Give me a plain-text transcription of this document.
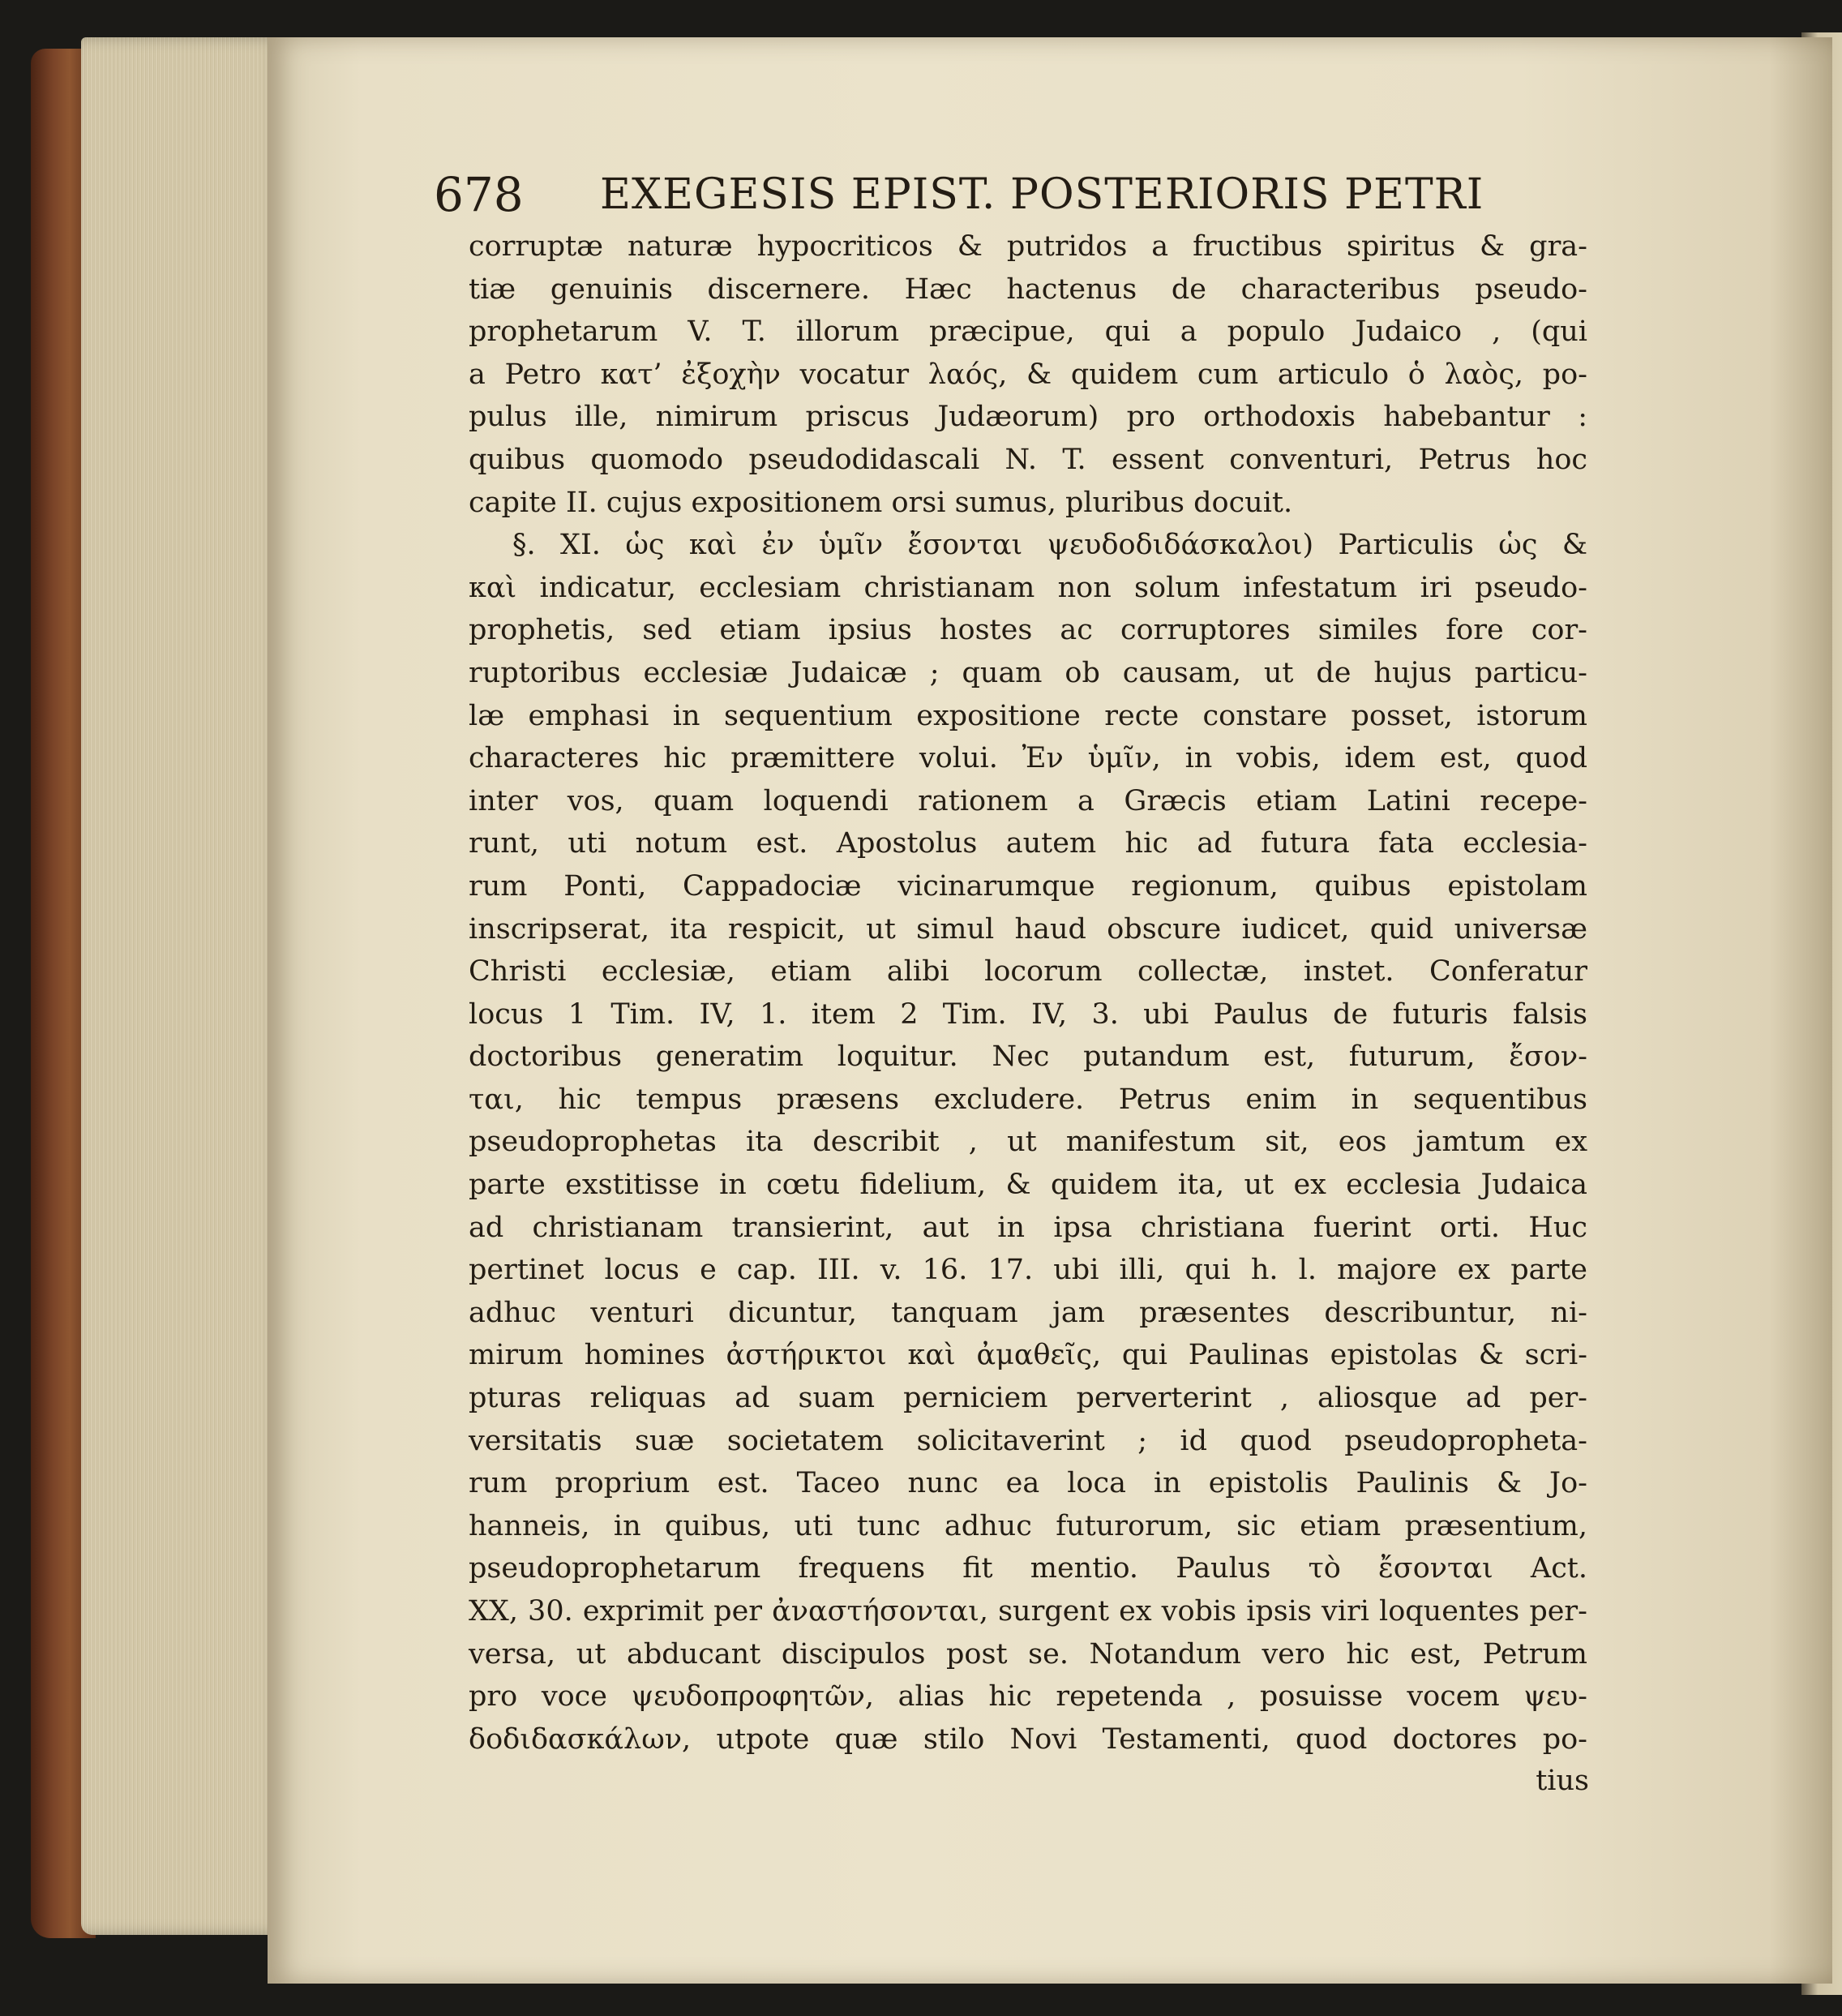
678 EXEGESIS EPIST. POSTERIORIS PETRI
corruptæ naturæ hypocriticos & putridos a fructibus spiritus & gra-
tiæ genuinis discernere. Hæc hactenus de characteribus pseudo-
prophetarum V. T. illorum præcipue, qui a populo Judaico , (qui
a Petro κατ’ ἐξοχὴν vocatur λαός, & quidem cum articulo ὁ λαὸς, po-
pulus ille, nimirum priscus Judæorum) pro orthodoxis habebantur :
quibus quomodo pseudodidascali N. T. essent conventuri, Petrus hoc
capite II. cujus expositionem orsi sumus, pluribus docuit.
§. XI. ὡς καὶ ἐν ὑμῖν ἔσονται ψευδοδιδάσκαλοι) Particulis ὡς &
καὶ indicatur, ecclesiam christianam non solum infestatum iri pseudo-
prophetis, sed etiam ipsius hostes ac corruptores similes fore cor-
ruptoribus ecclesiæ Judaicæ ; quam ob causam, ut de hujus particu-
læ emphasi in sequentium expositione recte constare posset, istorum
characteres hic præmittere volui. Ἐν ὑμῖν, in vobis, idem est, quod
inter vos, quam loquendi rationem a Græcis etiam Latini recepe-
runt, uti notum est. Apostolus autem hic ad futura fata ecclesia-
rum Ponti, Cappadociæ vicinarumque regionum, quibus epistolam
inscripserat, ita respicit, ut simul haud obscure iudicet, quid universæ
Christi ecclesiæ, etiam alibi locorum collectæ, instet. Conferatur
locus 1 Tim. IV, 1. item 2 Tim. IV, 3. ubi Paulus de futuris falsis
doctoribus generatim loquitur. Nec putandum est, futurum, ἔσον-
ται, hic tempus præsens excludere. Petrus enim in sequentibus
pseudoprophetas ita describit , ut manifestum sit, eos jamtum ex
parte exstitisse in cœtu fidelium, & quidem ita, ut ex ecclesia Judaica
ad christianam transierint, aut in ipsa christiana fuerint orti. Huc
pertinet locus e cap. III. v. 16. 17. ubi illi, qui h. l. majore ex parte
adhuc venturi dicuntur, tanquam jam præsentes describuntur, ni-
mirum homines ἀστήρικτοι καὶ ἀμαθεῖς, qui Paulinas epistolas & scri-
pturas reliquas ad suam perniciem perverterint , aliosque ad per-
versitatis suæ societatem solicitaverint ; id quod pseudopropheta-
rum proprium est. Taceo nunc ea loca in epistolis Paulinis & Jo-
hanneis, in quibus, uti tunc adhuc futurorum, sic etiam præsentium,
pseudoprophetarum frequens fit mentio. Paulus τὸ ἔσονται Act.
XX, 30. exprimit per ἀναστήσονται, surgent ex vobis ipsis viri loquentes per-
versa, ut abducant discipulos post se. Notandum vero hic est, Petrum
pro voce ψευδοπροφητῶν, alias hic repetenda , posuisse vocem ψευ-
δοδιδασκάλων, utpote quæ stilo Novi Testamenti, quod doctores po-
tius
